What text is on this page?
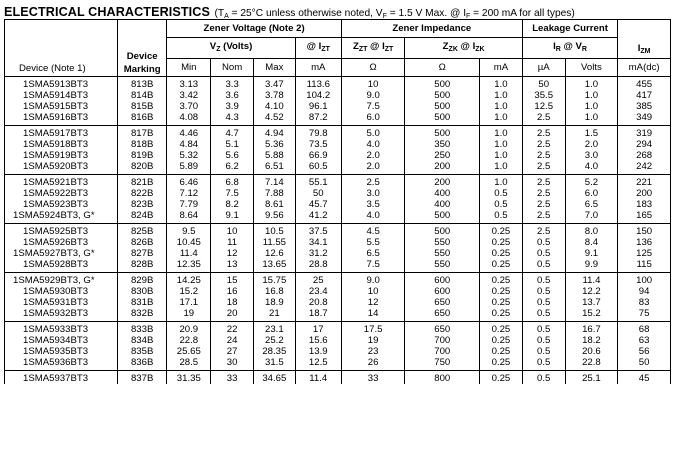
ELECTRICAL CHARACTERISTICS ($T_A = 25^\circ C$ unless otherwise noted, $V_F = 1.5$ V Max. @ $I_F = 200$ mA for all types)
Device (Note 1)	Device
Marking	Zener Voltage (Note 2)				Zener Impedance			Leakage Current		$I_{ZM}$
		$V_Z$ (Volts)			@ $I_{ZT}$	$Z_{ZT}$ @ $I_{ZT}$	$Z_{ZK}$ @ $I_{ZK}$		$I_R$ @ $V_R$
		Min	Nom	Max	mA	Ω	Ω	mA	µA	Volts	mA(dc)
1SMA5913BT3	813B	3.13	3.3	3.47	113.6	10	500	1.0	50	1.0	455
1SMA5914BT3	814B	3.42	3.6	3.78	104.2	9.0	500	1.0	35.5	1.0	417
1SMA5915BT3	815B	3.70	3.9	4.10	96.1	7.5	500	1.0	12.5	1.0	385
1SMA5916BT3	816B	4.08	4.3	4.52	87.2	6.0	500	1.0	2.5	1.0	349
1SMA5917BT3	817B	4.46	4.7	4.94	79.8	5.0	500	1.0	2.5	1.5	319
1SMA5918BT3	818B	4.84	5.1	5.36	73.5	4.0	350	1.0	2.5	2.0	294
1SMA5919BT3	819B	5.32	5.6	5.88	66.9	2.0	250	1.0	2.5	3.0	268
1SMA5920BT3	820B	5.89	6.2	6.51	60.5	2.0	200	1.0	2.5	4.0	242
1SMA5921BT3	821B	6.46	6.8	7.14	55.1	2.5	200	1.0	2.5	5.2	221
1SMA5922BT3	822B	7.12	7.5	7.88	50	3.0	400	0.5	2.5	6.0	200
1SMA5923BT3	823B	7.79	8.2	8.61	45.7	3.5	400	0.5	2.5	6.5	183
1SMA5924BT3, G*	824B	8.64	9.1	9.56	41.2	4.0	500	0.5	2.5	7.0	165
1SMA5925BT3	825B	9.5	10	10.5	37.5	4.5	500	0.25	2.5	8.0	150
1SMA5926BT3	826B	10.45	11	11.55	34.1	5.5	550	0.25	0.5	8.4	136
1SMA5927BT3, G*	827B	11.4	12	12.6	31.2	6.5	550	0.25	0.5	9.1	125
1SMA5928BT3	828B	12.35	13	13.65	28.8	7.5	550	0.25	0.5	9.9	115
1SMA5929BT3, G*	829B	14.25	15	15.75	25	9.0	600	0.25	0.5	11.4	100
1SMA5930BT3	830B	15.2	16	16.8	23.4	10	600	0.25	0.5	12.2	94
1SMA5931BT3	831B	17.1	18	18.9	20.8	12	650	0.25	0.5	13.7	83
1SMA5932BT3	832B	19	20	21	18.7	14	650	0.25	0.5	15.2	75
1SMA5933BT3	833B	20.9	22	23.1	17	17.5	650	0.25	0.5	16.7	68
1SMA5934BT3	834B	22.8	24	25.2	15.6	19	700	0.25	0.5	18.2	63
1SMA5935BT3	835B	25.65	27	28.35	13.9	23	700	0.25	0.5	20.6	56
1SMA5936BT3	836B	28.5	30	31.5	12.5	26	750	0.25	0.5	22.8	50
1SMA5937BT3	837B	31.35	33	34.65	11.4	33	800	0.25	0.5	25.1	45
